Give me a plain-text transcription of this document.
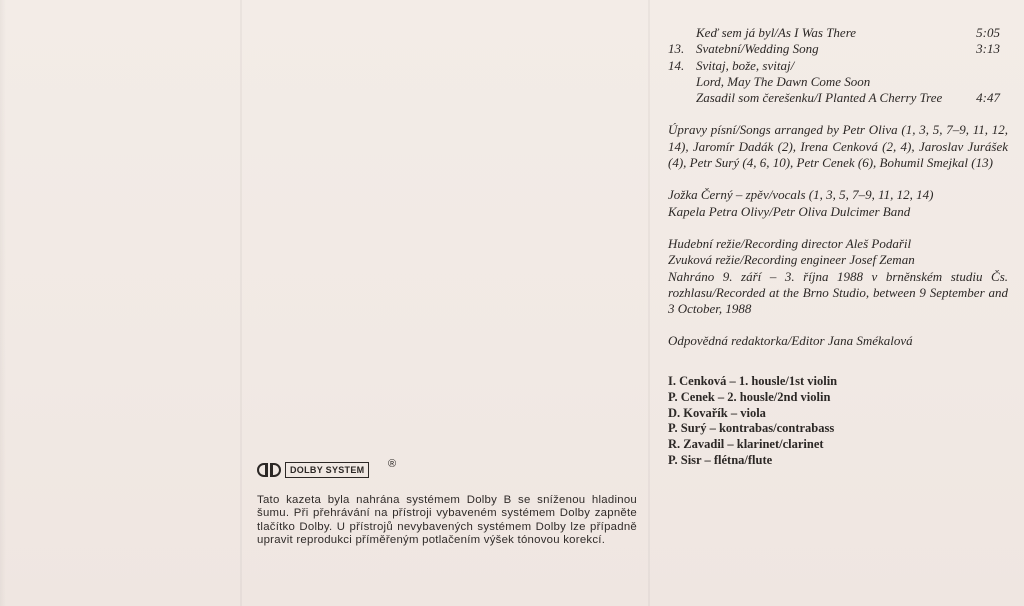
Keď sem já byl/As I Was There	5:05
13. Svatební/Wedding Song	3:13
14. Svitaj, bože, svitaj/
Lord, May The Dawn Come Soon
Zasadil som čerešenku/I Planted A Cherry Tree	4:47

Úpravy písní/Songs arranged by Petr Oliva (1, 3, 5, 7–9, 11, 12, 14), Jaromír Dadák (2), Irena Cenková (2, 4), Jaroslav Jurášek (4), Petr Surý (4, 6, 10), Petr Cenek (6), Bohumil Smejkal (13)

Jožka Černý – zpěv/vocals (1, 3, 5, 7–9, 11, 12, 14)

Kapela Petra Olivy/Petr Oliva Dulcimer Band

Hudební režie/Recording director Aleš Podařil

Zvuková režie/Recording engineer Josef Zeman

Nahráno 9. září – 3. října 1988 v brněnském studiu Čs. rozhlasu/Recorded at the Brno Studio, between 9 September and 3 October, 1988

Odpovědná redaktorka/Editor Jana Smékalová

I. Cenková – 1. housle/1st violin
P. Cenek – 2. housle/2nd violin
D. Kovařík – viola
P. Surý – kontrabas/contrabass
R. Zavadil – klarinet/clarinet
P. Sisr – flétna/flute
DOLBY SYSTEM	®

Tato kazeta byla nahrána systémem Dolby B se sníženou hladinou šumu. Při přehrávání na přístroji vybaveném systémem Dolby zapněte tlačítko Dolby. U přístrojů nevybavených systémem Dolby lze případně upravit reprodukci příměřeným potlačením výšek tónovou korekcí.
